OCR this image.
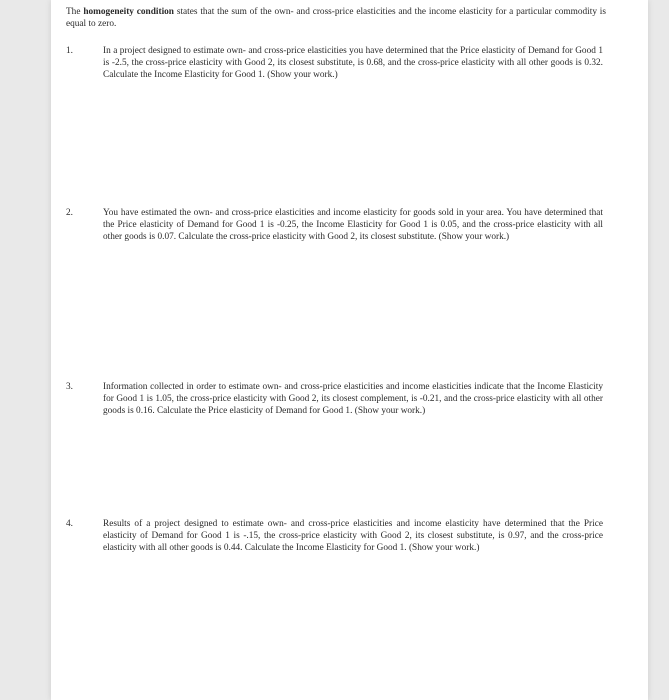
The homogeneity condition states that the sum of the own- and cross-price elasticities and the income elasticity for a particular commodity is equal to zero.
1.	In a project designed to estimate own- and cross-price elasticities you have determined that the Price elasticity of Demand for Good 1 is -2.5, the cross-price elasticity with Good 2, its closest substitute, is 0.68, and the cross-price elasticity with all other goods is 0.32. Calculate the Income Elasticity for Good 1. (Show your work.)
2.	You have estimated the own- and cross-price elasticities and income elasticity for goods sold in your area. You have determined that the Price elasticity of Demand for Good 1 is -0.25, the Income Elasticity for Good 1 is 0.05, and the cross-price elasticity with all other goods is 0.07. Calculate the cross-price elasticity with Good 2, its closest substitute. (Show your work.)
3.	Information collected in order to estimate own- and cross-price elasticities and income elasticities indicate that the Income Elasticity for Good 1 is 1.05, the cross-price elasticity with Good 2, its closest complement, is -0.21, and the cross-price elasticity with all other goods is 0.16. Calculate the Price elasticity of Demand for Good 1. (Show your work.)
4.	Results of a project designed to estimate own- and cross-price elasticities and income elasticity have determined that the Price elasticity of Demand for Good 1 is -.15, the cross-price elasticity with Good 2, its closest substitute, is 0.97, and the cross-price elasticity with all other goods is 0.44. Calculate the Income Elasticity for Good 1. (Show your work.)
